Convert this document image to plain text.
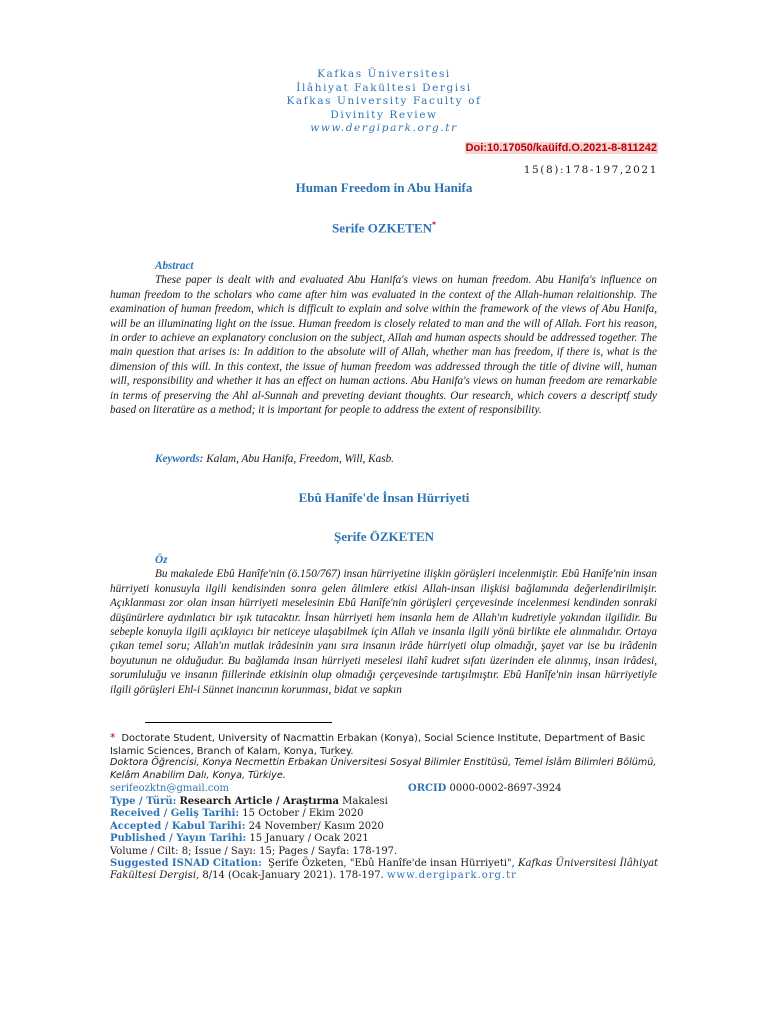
Kafkas Üniversitesi
İlâhiyat Fakültesi Dergisi
Kafkas University Faculty of
Divinity Review
www.dergipark.org.tr
Doi:10.17050/kaüifd.O.2021-8-811242
15(8):178-197,2021
Human Freedom in Abu Hanifa
Serife OZKETEN*
Abstract
These paper is dealt with and evaluated Abu Hanifa's views on human freedom. Abu Hanifa's influence on human freedom to the scholars who came after him was evaluated in the context of the Allah-human relaitionship. The examination of human freedom, which is difficult to explain and solve within the framework of the views of Abu Hanifa, will be an illuminating light on the issue. Human freedom is closely related to man and the will of Allah. Fort his reason, in order to achieve an explanatory conclusion on the subject, Allah and human aspects should be addressed together. The main question that arises is: In addition to the absolute will of Allah, whether man has freedom, if there is, what is the dimension of this will. In this context, the issue of human freedom was addressed through the title of divine will, human will, responsibility and whether it has an effect on human actions. Abu Hanifa's views on human freedom are remarkable in terms of preserving the Ahl al-Sunnah and preveting deviant thoughts. Our research, which covers a descriptf study based on literatüre as a method; it is important for people to address the extent of responsibility.
Keywords: Kalam, Abu Hanifa, Freedom, Will, Kasb.
Ebû Hanîfe'de İnsan Hürriyeti
Şerife ÖZKETEN
Öz
Bu makalede Ebû Hanîfe'nin (ö.150/767) insan hürriyetine ilişkin görüşleri incelenmiştir. Ebû Hanîfe'nin insan hürriyeti konusuyla ilgili kendisinden sonra gelen âlimlere etkisi Allah-insan ilişkisi bağlamında değerlendirilmişir. Açıklanması zor olan insan hürriyeti meselesinin Ebû Hanîfe'nin görüşleri çerçevesinde incelenmesi kendinden sonraki düşünürlere aydınlatıcı bir ışık tutacaktır. İnsan hürriyeti hem insanla hem de Allah'ın kudretiyle yakından ilgilidir. Bu sebeple konuyla ilgili açıklayıcı bir neticeye ulaşabilmek için Allah ve insanla ilgili yönü birlikte ele alınmalıdır. Ortaya çıkan temel soru; Allah'ın mutlak irâdesinin yanı sıra insanın irâde hürriyeti olup olmadığı, şayet var ise bu irâdenin boyutunun ne olduğudur. Bu bağlamda insan hürriyeti meselesi ilahî kudret sıfatı üzerinden ele alınmış, insan irâdesi, sorumluluğu ve insanın fiillerinde etkisinin olup olmadığı çerçevesinde tartışılmıştır. Ebû Hanîfe'nin insan hürriyetiyle ilgili görüşleri Ehl-i Sünnet inancının korunması, bidat ve sapkın
* Doctorate Student, University of Nacmattin Erbakan (Konya), Social Science Institute, Department of Basic Islamic Sciences, Branch of Kalam, Konya, Turkey.
Doktora Öğrencisi, Konya Necmettin Erbakan Üniversitesi Sosyal Bilimler Enstitüsü, Temel İslâm Bilimleri Bölümü, Kelâm Anabilim Dalı, Konya, Türkiye.
serifeozktn@gmail.com	ORCID 0000-0002-8697-3924
Type / Türü: Research Article / Araştırma Makalesi
Received / Geliş Tarihi: 15 October / Ekim 2020
Accepted / Kabul Tarihi: 24 November/ Kasım 2020
Published / Yayın Tarihi: 15 January / Ocak 2021
Volume / Cilt: 8; Issue / Sayı: 15; Pages / Sayfa: 178-197.
Suggested ISNAD Citation: Şerife Özketen, "Ebû Hanîfe'de insan Hürriyeti", Kafkas Üniversitesi İlâhiyat Fakültesi Dergisi, 8/14 (Ocak-January 2021). 178-197. www.dergipark.org.tr
